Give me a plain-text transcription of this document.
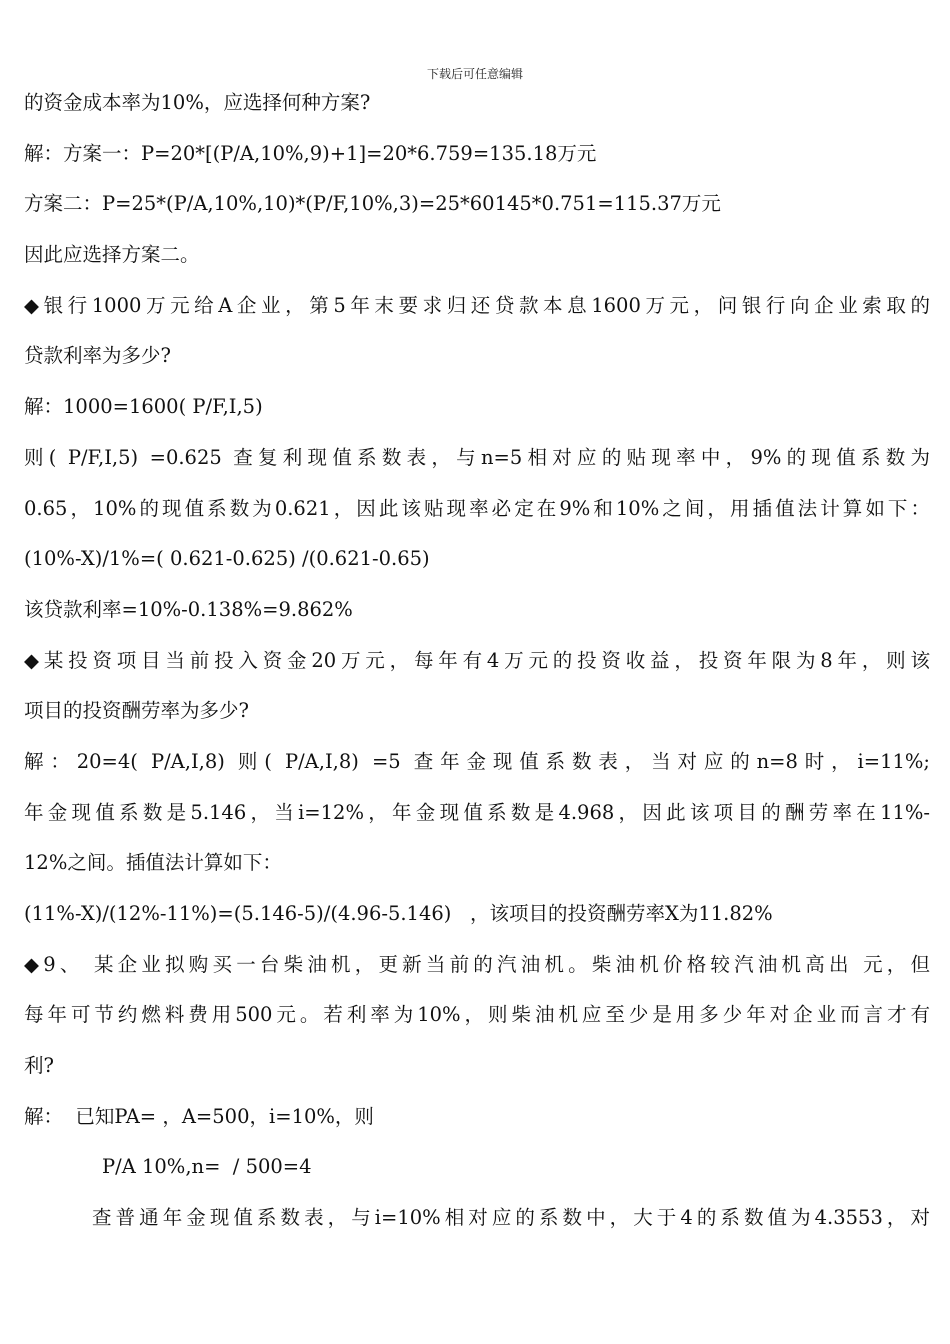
下载后可任意编辑
的资金成本率为10%，应选择何种方案?
解：方案一：P=20*[(P/A,10%,9)+1]=20*6.759=135.18万元
方案二：P=25*(P/A,10%,10)*(P/F,10%,3)=25*60145*0.751=115.37万元
因此应选择方案二。
◆银行1000万元给A企业，第5年末要求归还贷款本息1600万元，问银行向企业索取的
贷款利率为多少?
解：1000=1600( P/F,I,5)
则( P/F,I,5) =0.625 查复利现值系数表，与n=5相对应的贴现率中，9%的现值系数为
0.65，10%的现值系数为0.621，因此该贴现率必定在9%和10%之间，用插值法计算如下：
(10%-X)/1%=( 0.621-0.625) /(0.621-0.65)
该贷款利率=10%-0.138%=9.862%
◆某投资项目当前投入资金20万元，每年有4万元的投资收益，投资年限为8年，则该
项目的投资酬劳率为多少?
解：20=4( P/A,I,8) 则( P/A,I,8) =5 查年金现值系数表，当对应的n=8时，i=11%;
年金现值系数是5.146，当i=12%，年金现值系数是4.968，因此该项目的酬劳率在11%-
12%之间。插值法计算如下：
(11%-X)/(12%-11%)=(5.146-5)/(4.96-5.146)   ，该项目的投资酬劳率X为11.82%
◆9、 某企业拟购买一台柴油机，更新当前的汽油机。柴油机价格较汽油机高出 元，但
每年可节约燃料费用500元。若利率为10%，则柴油机应至少是用多少年对企业而言才有
利?
解：  已知PA= ，A=500，i=10%，则
P/A 10%,n=  / 500=4
查普通年金现值系数表，与i=10%相对应的系数中，大于4的系数值为4.3553，对
